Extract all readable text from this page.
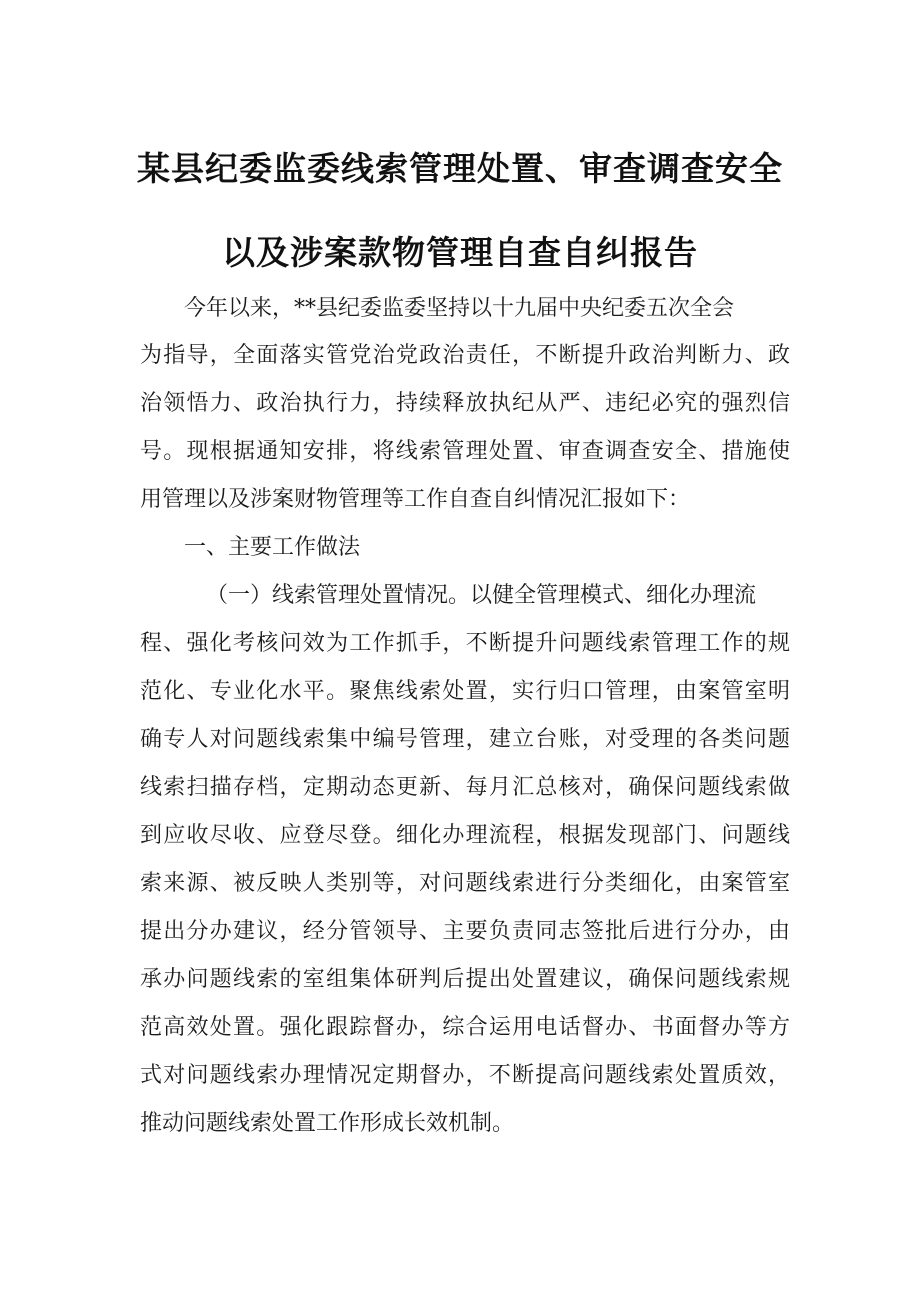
某县纪委监委线索管理处置、审查调查安全
以及涉案款物管理自查自纠报告
今年以来，**县纪委监委坚持以十九届中央纪委五次全会
为指导，全面落实管党治党政治责任，不断提升政治判断力、政
治领悟力、政治执行力，持续释放执纪从严、违纪必究的强烈信
号。现根据通知安排，将线索管理处置、审查调查安全、措施使
用管理以及涉案财物管理等工作自查自纠情况汇报如下：
一、主要工作做法
（一）线索管理处置情况。以健全管理模式、细化办理流
程、强化考核问效为工作抓手，不断提升问题线索管理工作的规
范化、专业化水平。聚焦线索处置，实行归口管理，由案管室明
确专人对问题线索集中编号管理，建立台账，对受理的各类问题
线索扫描存档，定期动态更新、每月汇总核对，确保问题线索做
到应收尽收、应登尽登。细化办理流程，根据发现部门、问题线
索来源、被反映人类别等，对问题线索进行分类细化，由案管室
提出分办建议，经分管领导、主要负责同志签批后进行分办，由
承办问题线索的室组集体研判后提出处置建议，确保问题线索规
范高效处置。强化跟踪督办，综合运用电话督办、书面督办等方
式对问题线索办理情况定期督办，不断提高问题线索处置质效，
推动问题线索处置工作形成长效机制。
